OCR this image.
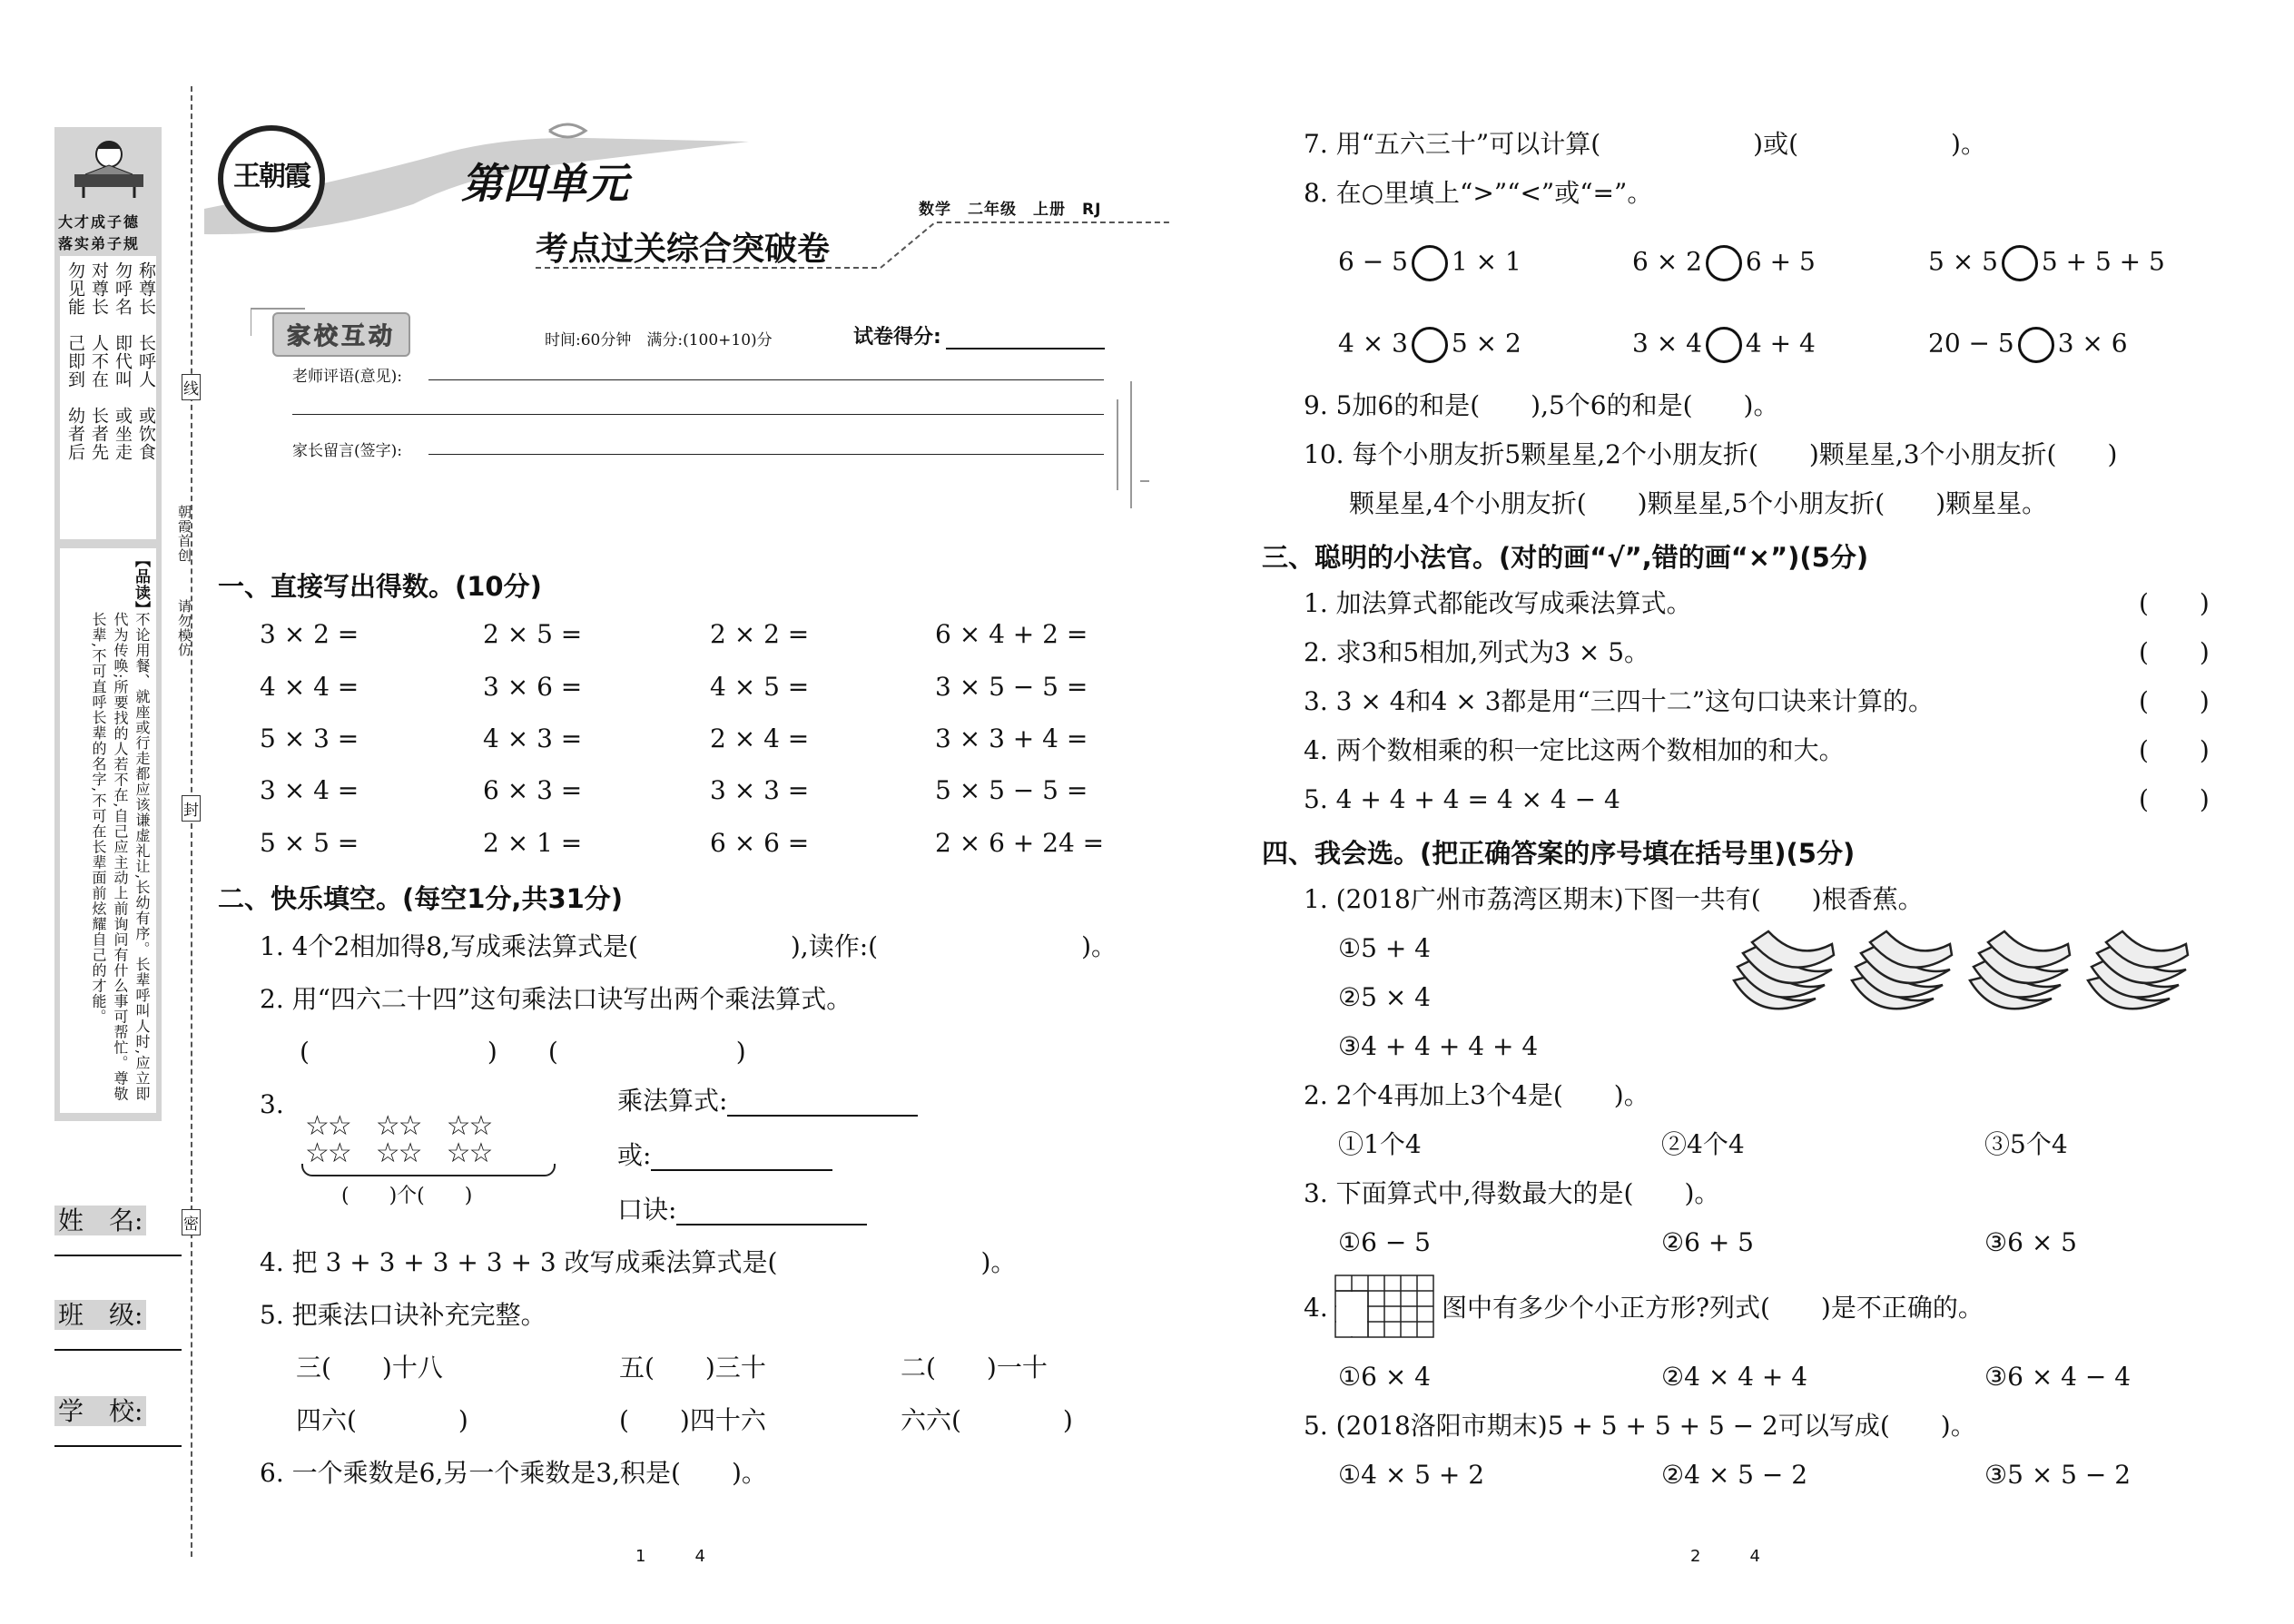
大才成子德
落实弟子规
称尊长
长呼人
或饮食
勿呼名
即代叫
或坐走
对尊长
人不在
长者先
勿见能
己即到
幼者后
【品读】
不论用餐、就座或行走都应该谦虚礼让,长幼有序。长辈呼叫人时,应立即代为传唤;所要找的人若不在,自己应主动上前询问有什么事可帮忙。尊敬长辈,不可直呼长辈的名字,不可在长辈面前炫耀自己的才能。
姓　名:
班　级:
学　校:
线
封
密
朝霞首创
请勿模仿
王朝霞	第四单元
考点过关综合突破卷
数学　二年级　上册　RJ
家校互动	时间:60分钟　满分:(100+10)分	试卷得分:
老师评语(意见):
家长留言(签字):
一、直接写出得数。(10分)
3 × 2 =	2 × 5 =	2 × 2 =	6 × 4 + 2 =
4 × 4 =	3 × 6 =	4 × 5 =	3 × 5 − 5 =
5 × 3 =	4 × 3 =	2 × 4 =	3 × 3 + 4 =
3 × 4 =	6 × 3 =	3 × 3 =	5 × 5 − 5 =
5 × 5 =	2 × 1 =	6 × 6 =	2 × 6 + 24 =
二、快乐填空。(每空1分,共31分)
1. 4个2相加得8,写成乘法算式是(　　　　　　),读作:(　　　　　　　　)。
2. 用“四六二十四”这句乘法口诀写出两个乘法算式。
(　　　　　　　)　　(　　　　　　　)
3.
☆☆　☆☆　☆☆
☆☆　☆☆　☆☆
(　　)个(　　)
乘法算式:
或:
口诀:
4. 把 3 + 3 + 3 + 3 + 3 改写成乘法算式是(　　　　　　　　)。
5. 把乘法口诀补充完整。
三(　　)十八	五(　　)三十	二(　　)一十
四六(　　　　)	(　　)四十六	六六(　　　　)
6. 一个乘数是6,另一个乘数是3,积是(　　)。
1　　　4
7. 用“五六三十”可以计算(　　　　　　)或(　　　　　　)。
8. 在○里填上“>”“<”或“=”。
6 − 5 1 × 1	6 × 2 6 + 5	5 × 5 5 + 5 + 5
4 × 3 5 × 2	3 × 4 4 + 4	20 − 5 3 × 6
9. 5加6的和是(　　),5个6的和是(　　)。
10. 每个小朋友折5颗星星,2个小朋友折(　　)颗星星,3个小朋友折(　　)
颗星星,4个小朋友折(　　)颗星星,5个小朋友折(　　)颗星星。
三、聪明的小法官。(对的画“√”,错的画“×”)(5分)
1. 加法算式都能改写成乘法算式。	(　　)
2. 求3和5相加,列式为3 × 5。	(　　)
3. 3 × 4和4 × 3都是用“三四十二”这句口诀来计算的。	(　　)
4. 两个数相乘的积一定比这两个数相加的和大。	(　　)
5. 4 + 4 + 4 = 4 × 4 − 4	(　　)
四、我会选。(把正确答案的序号填在括号里)(5分)
1. (2018广州市荔湾区期末)下图一共有(　　)根香蕉。
①5 + 4
②5 × 4
③4 + 4 + 4 + 4
2. 2个4再加上3个4是(　　)。
①1个4	②4个4	③5个4
3. 下面算式中,得数最大的是(　　)。
①6 − 5	②6 + 5	③6 × 5
4.	图中有多少个小正方形?列式(　　)是不正确的。
①6 × 4	②4 × 4 + 4	③6 × 4 − 4
5. (2018洛阳市期末)5 + 5 + 5 + 5 − 2可以写成(　　)。
①4 × 5 + 2	②4 × 5 − 2	③5 × 5 − 2
2　　　4
